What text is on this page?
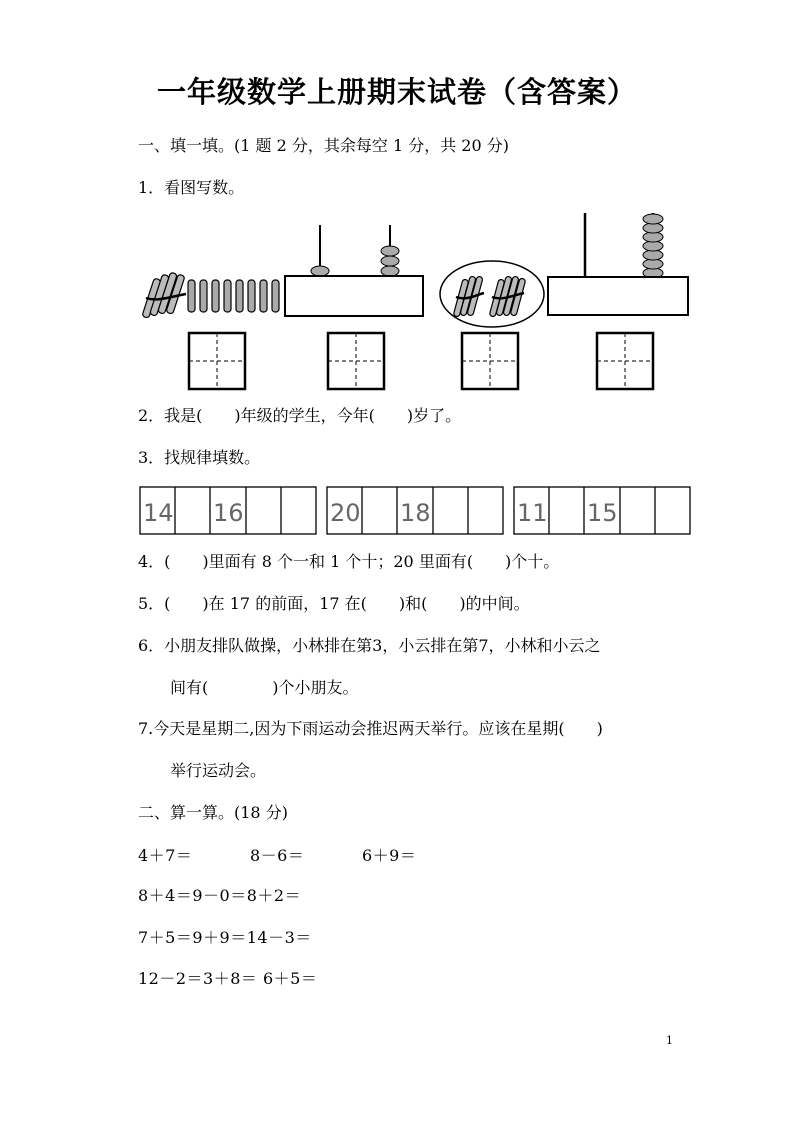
一年级数学上册期末试卷（含答案）
一、填一填。(1 题 2 分，其余每空 1 分，共 20 分)
1．看图写数。
2．我是(　　)年级的学生，今年(　　)岁了。
3．找规律填数。
14 16	20 18	11 15
4．(　　)里面有 8 个一和 1 个十；20 里面有(　　)个十。
5．(　　)在 17 的前面，17 在(　　)和(　　)的中间。
6．小朋友排队做操，小林排在第3，小云排在第7，小林和小云之
间有(　　　　)个小朋友。
7.今天是星期二,因为下雨运动会推迟两天举行。应该在星期(　　)
举行运动会。
二、算一算。(18 分)
4＋7＝	8－6＝	6＋9＝
8＋4＝9－0＝8＋2＝
7＋5＝9＋9＝14－3＝
12－2＝3＋8＝ 6＋5＝
1
